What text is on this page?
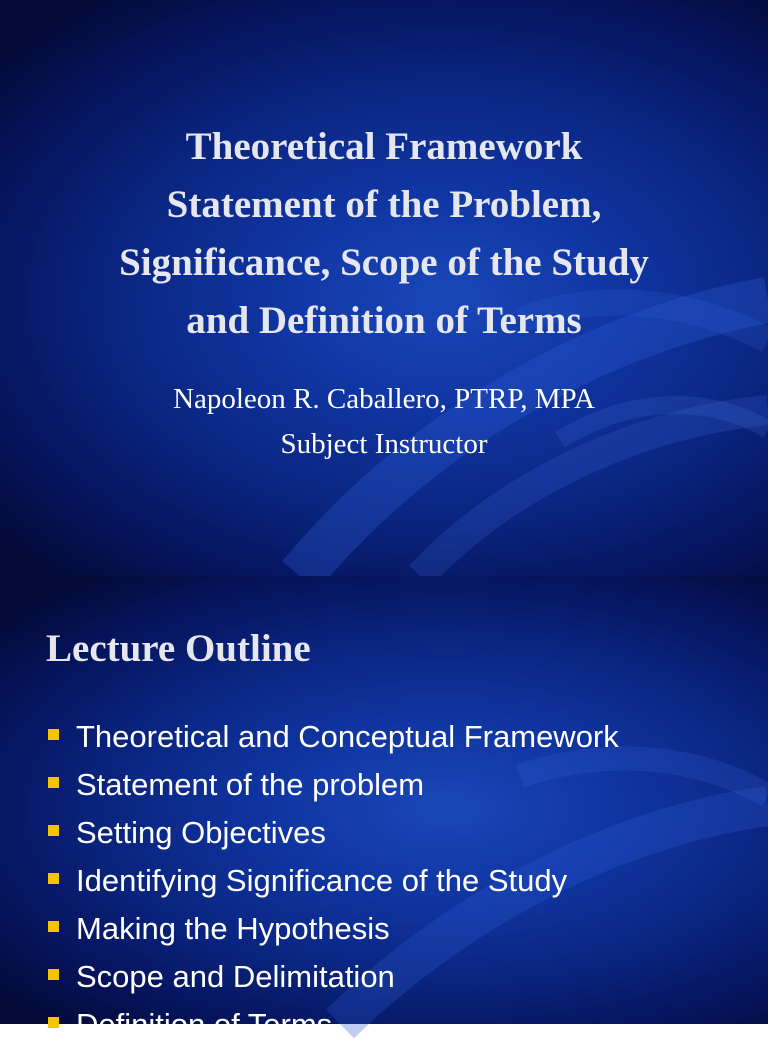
Theoretical Framework
Statement of the Problem,
Significance, Scope of the Study
and Definition of Terms
Napoleon R. Caballero, PTRP, MPA
Subject Instructor
Lecture Outline
Theoretical and Conceptual Framework
Statement of the problem
Setting Objectives
Identifying Significance of the Study
Making the Hypothesis
Scope and Delimitation
Definition of Terms
